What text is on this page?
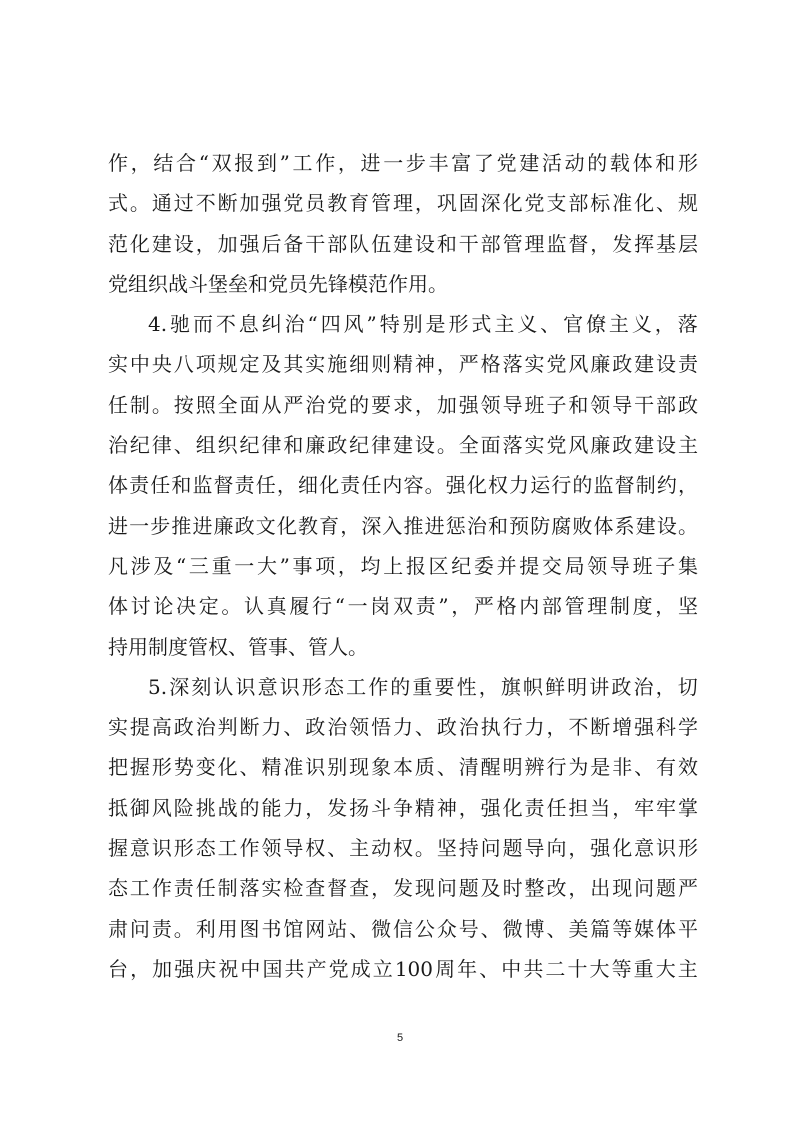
作 ， 结 合 “ 双 报 到 ” 工 作 ， 进 一 步 丰 富 了 党 建 活 动 的 载 体 和 形
式 。 通 过 不 断 加 强 党 员 教 育 管 理 ， 巩 固 深 化 党 支 部 标 准 化 、 规
范 化 建 设 ， 加 强 后 备 干 部 队 伍 建 设 和 干 部 管 理 监 督 ， 发 挥 基 层
党 组 织 战 斗 堡 垒 和 党 员 先 锋 模 范 作 用 。
4. 驰 而 不 息 纠 治 “ 四 风 ” 特 别 是 形 式 主 义 、 官 僚 主 义 ， 落
实 中 央 八 项 规 定 及 其 实 施 细 则 精 神 ， 严 格 落 实 党 风 廉 政 建 设 责
任 制 。 按 照 全 面 从 严 治 党 的 要 求 ， 加 强 领 导 班 子 和 领 导 干 部 政
治 纪 律 、 组 织 纪 律 和 廉 政 纪 律 建 设 。 全 面 落 实 党 风 廉 政 建 设 主
体 责 任 和 监 督 责 任 ， 细 化 责 任 内 容 。 强 化 权 力 运 行 的 监 督 制 约 ，
进 一 步 推 进 廉 政 文 化 教 育 ， 深 入 推 进 惩 治 和 预 防 腐 败 体 系 建 设 。
凡 涉 及 “ 三 重 一 大 ” 事 项 ， 均 上 报 区 纪 委 并 提 交 局 领 导 班 子 集
体 讨 论 决 定 。 认 真 履 行 “ 一 岗 双 责 ” ， 严 格 内 部 管 理 制 度 ， 坚
持 用 制 度 管 权 、 管 事 、 管 人 。
5. 深 刻 认 识 意 识 形 态 工 作 的 重 要 性 ， 旗 帜 鲜 明 讲 政 治 ， 切
实 提 高 政 治 判 断 力 、 政 治 领 悟 力 、 政 治 执 行 力 ， 不 断 增 强 科 学
把 握 形 势 变 化 、 精 准 识 别 现 象 本 质 、 清 醒 明 辨 行 为 是 非 、 有 效
抵 御 风 险 挑 战 的 能 力 ， 发 扬 斗 争 精 神 ， 强 化 责 任 担 当 ， 牢 牢 掌
握 意 识 形 态 工 作 领 导 权 、 主 动 权 。 坚 持 问 题 导 向 ， 强 化 意 识 形
态 工 作 责 任 制 落 实 检 查 督 查 ， 发 现 问 题 及 时 整 改 ， 出 现 问 题 严
肃 问 责 。 利 用 图 书 馆 网 站 、 微 信 公 众 号 、 微 博 、 美 篇 等 媒 体 平
台 ， 加 强 庆 祝 中 国 共 产 党 成 立 100 周 年 、 中 共 二 十 大 等 重 大 主
5
